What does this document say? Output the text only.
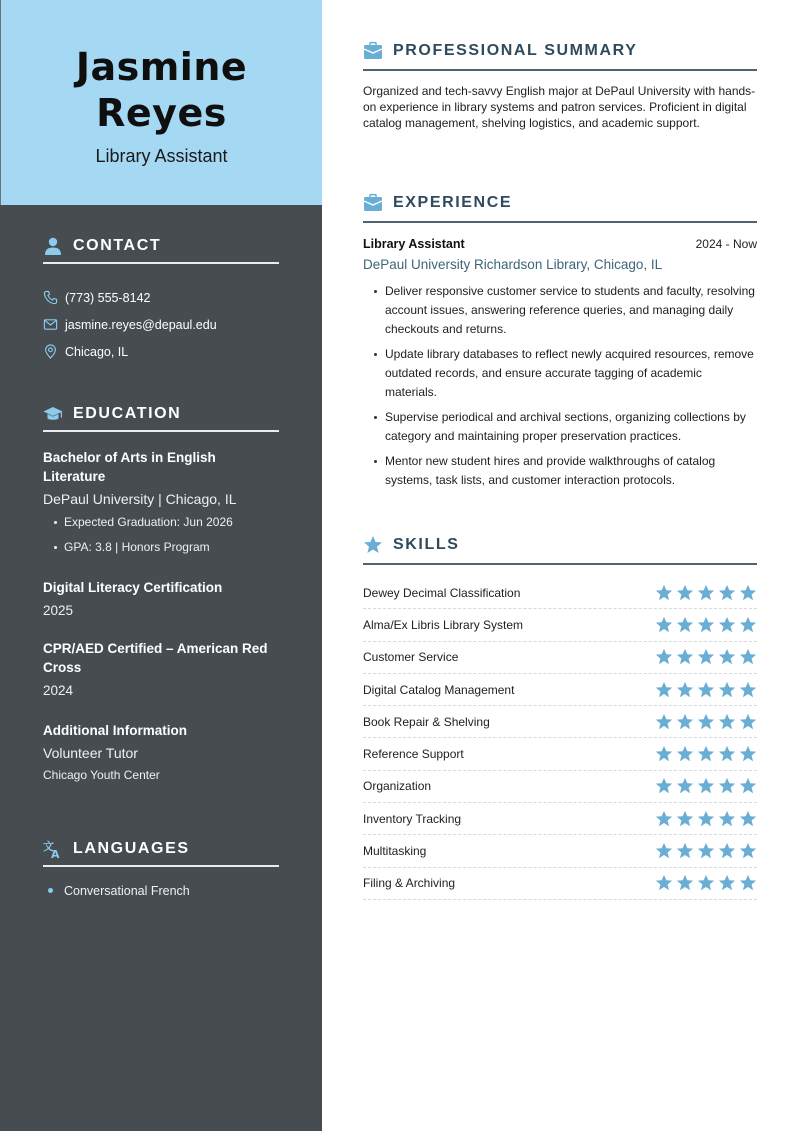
Jasmine
Reyes
Library Assistant
CONTACT
(773) 555-8142
jasmine.reyes@depaul.edu
Chicago, IL
EDUCATION
Bachelor of Arts in English Literature
DePaul University | Chicago, IL
Expected Graduation: Jun 2026
GPA: 3.8 | Honors Program
Digital Literacy Certification
2025
CPR/AED Certified – American Red Cross
2024
Additional Information
Volunteer Tutor
Chicago Youth Center
文
A LANGUAGES
Conversational French
PROFESSIONAL SUMMARY
Organized and tech-savvy English major at DePaul University with hands-on experience in library systems and patron services. Proficient in digital catalog management, shelving logistics, and academic support.
EXPERIENCE
Library Assistant	2024 - Now
DePaul University Richardson Library, Chicago, IL
Deliver responsive customer service to students and faculty, resolving account issues, answering reference queries, and managing daily checkouts and returns.
Update library databases to reflect newly acquired resources, remove outdated records, and ensure accurate tagging of academic materials.
Supervise periodical and archival sections, organizing collections by category and maintaining proper preservation practices.
Mentor new student hires and provide walkthroughs of catalog systems, task lists, and customer interaction protocols.
SKILLS
Dewey Decimal Classification
Alma/Ex Libris Library System
Customer Service
Digital Catalog Management
Book Repair & Shelving
Reference Support
Organization
Inventory Tracking
Multitasking
Filing & Archiving
